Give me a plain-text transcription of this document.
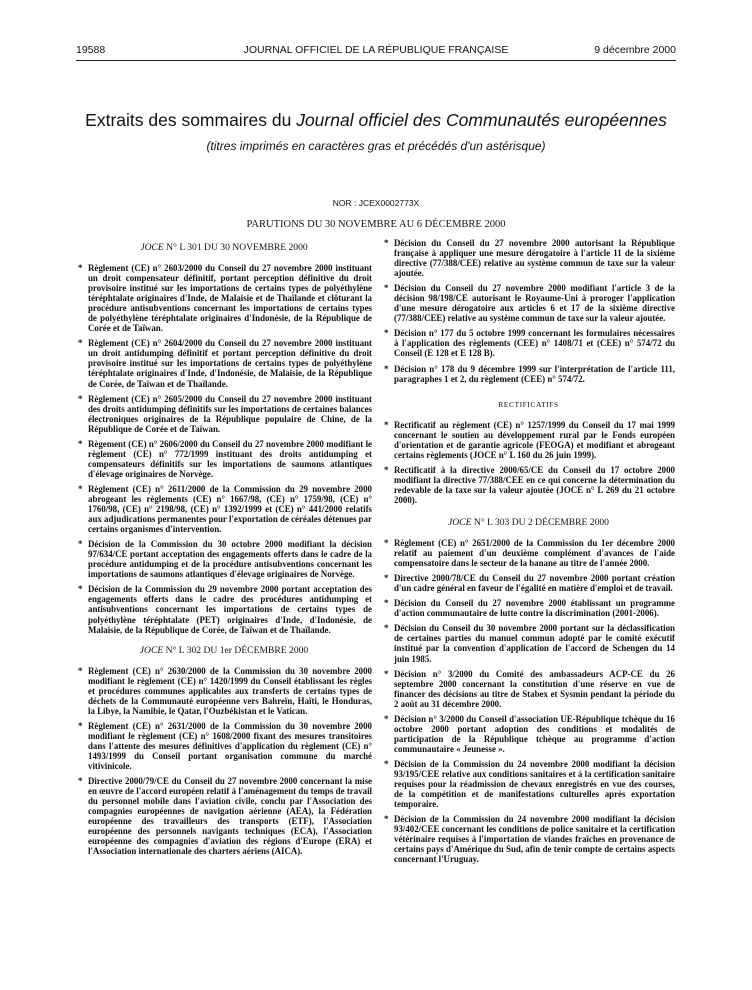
19588	JOURNAL OFFICIEL DE LA RÉPUBLIQUE FRANÇAISE	9 décembre 2000
Extraits des sommaires du Journal officiel des Communautés européennes
(titres imprimés en caractères gras et précédés d'un astérisque)
NOR : JCEX0002773X
PARUTIONS DU 30 NOVEMBRE AU 6 DÉCEMBRE 2000
JOCE N° L 301 DU 30 NOVEMBRE 2000
* Règlement (CE) n° 2603/2000 du Conseil du 27 novembre 2000 instituant un droit compensateur définitif, portant perception définitive du droit provisoire institué sur les importations de certains types de polyéthylène téréphtalate originaires d'Inde, de Malaisie et de Thaïlande et clôturant la procédure antisubventions concernant les importations de certains types de polyéthylène téréphtalate originaires d'Indonésie, de la République de Corée et de Taïwan.
* Règlement (CE) n° 2604/2000 du Conseil du 27 novembre 2000 instituant un droit antidumping définitif et portant perception définitive du droit provisoire institué sur les importations de certains types de polyéthylène téréphtalate originaires d'Inde, d'Indonésie, de Malaisie, de la République de Corée, de Taïwan et de Thaïlande.
* Règlement (CE) n° 2605/2000 du Conseil du 27 novembre 2000 instituant des droits antidumping définitifs sur les importations de certaines balances électroniques originaires de la République populaire de Chine, de la République de Corée et de Taïwan.
* Règement (CE) n° 2606/2000 du Conseil du 27 novembre 2000 modifiant le règlement (CE) n° 772/1999 instituant des droits antidumping et compensateurs définitifs sur les importations de saumons atlantiques d'élevage originaires de Norvège.
* Règlement (CE) n° 2611/2000 de la Commission du 29 novembre 2000 abrogeant les règlements (CE) n° 1667/98, (CE) n° 1759/98, (CE) n° 1760/98, (CE) n° 2198/98, (CE) n° 1392/1999 et (CE) n° 441/2000 relatifs aux adjudications permanentes pour l'exportation de céréales détenues par certains organismes d'intervention.
* Décision de la Commission du 30 octobre 2000 modifiant la décision 97/634/CE portant acceptation des engagements offerts dans le cadre de la procédure antidumping et de la procédure antisubventions concernant les importations de saumons atlantiques d'élevage originaires de Norvège.
* Décision de la Commission du 29 novembre 2000 portant acceptation des engagements offerts dans le cadre des procédures antidumping et antisubventions concernant les importations de certains types de polyéthylène téréphtalate (PET) originaires d'Inde, d'Indonésie, de Malaisie, de la République de Corée, de Taïwan et de Thaïlande.
JOCE N° L 302 DU 1er DÉCEMBRE 2000
* Règlement (CE) n° 2630/2000 de la Commission du 30 novembre 2000 modifiant le règlement (CE) n° 1420/1999 du Conseil établissant les règles et procédures communes applicables aux transferts de certains types de déchets de la Communauté européenne vers Bahreïn, Haïti, le Honduras, la Libye, la Namibie, le Qatar, l'Ouzbékistan et le Vatican.
* Règlement (CE) n° 2631/2000 de la Commission du 30 novembre 2000 modifiant le règlement (CE) n° 1608/2000 fixant des mesures transitoires dans l'attente des mesures définitives d'application du règlement (CE) n° 1493/1999 du Conseil portant organisation commune du marché vitivinicole.
* Directive 2000/79/CE du Conseil du 27 novembre 2000 concernant la mise en œuvre de l'accord européen relatif à l'aménagement du temps de travail du personnel mobile dans l'aviation civile, conclu par l'Association des compagnies européennes de navigation aérienne (AEA), la Fédération européenne des travailleurs des transports (ETF), l'Association européenne des personnels navigants techniques (ECA), l'Association européenne des compagnies d'aviation des régions d'Europe (ERA) et l'Association internationale des charters aériens (AICA).
* Décision du Conseil du 27 novembre 2000 autorisant la République française à appliquer une mesure dérogatoire à l'article 11 de la sixième directive (77/388/CEE) relative au système commun de taxe sur la valeur ajoutée.
* Décision du Conseil du 27 novembre 2000 modifiant l'article 3 de la décision 98/198/CE autorisant le Royaume-Uni à proroger l'application d'une mesure dérogatoire aux articles 6 et 17 de la sixième directive (77/388/CEE) relative au système commun de taxe sur la valeur ajoutée.
* Décision n° 177 du 5 octobre 1999 concernant les formulaires nécessaires à l'application des règlements (CEE) n° 1408/71 et (CEE) n° 574/72 du Conseil (E 128 et E 128 B).
* Décision n° 178 du 9 décembre 1999 sur l'interprétation de l'article 111, paragraphes 1 et 2, du règlement (CEE) n° 574/72.
RECTIFICATIFS
* Rectificatif au règlement (CE) n° 1257/1999 du Conseil du 17 mai 1999 concernant le soutien au développement rural par le Fonds européen d'orientation et de garantie agricole (FEOGA) et modifiant et abrogeant certains règlements (JOCE n° L 160 du 26 juin 1999).
* Rectificatif à la directive 2000/65/CE du Conseil du 17 octobre 2000 modifiant la directive 77/388/CEE en ce qui concerne la détermination du redevable de la taxe sur la valeur ajoutée (JOCE n° L 269 du 21 octobre 2000).
JOCE N° L 303 DU 2 DÉCEMBRE 2000
* Règlement (CE) n° 2651/2000 de la Commission du 1er décembre 2000 relatif au paiement d'un deuxième complément d'avances de l'aide compensatoire dans le secteur de la banane au titre de l'année 2000.
* Directive 2000/78/CE du Conseil du 27 novembre 2000 portant création d'un cadre général en faveur de l'égalité en matière d'emploi et de travail.
* Décision du Conseil du 27 novembre 2000 établissant un programme d'action communautaire de lutte contre la discrimination (2001-2006).
* Décision du Conseil du 30 novembre 2000 portant sur la déclassification de certaines parties du manuel commun adopté par le comité exécutif institué par la convention d'application de l'accord de Schengen du 14 juin 1985.
* Décision n° 3/2000 du Comité des ambassadeurs ACP-CE du 26 septembre 2000 concernant la constitution d'une réserve en vue de financer des décisions au titre de Stabex et Sysmin pendant la période du 2 août au 31 décembre 2000.
* Décision n° 3/2000 du Conseil d'association UE-République tchèque du 16 octobre 2000 portant adoption des conditions et modalités de participation de la République tchèque au programme d'action communautaire « Jeunesse ».
* Décision de la Commission du 24 novembre 2000 modifiant la décision 93/195/CEE relative aux conditions sanitaires et à la certification sanitaire requises pour la réadmission de chevaux enregistrés en vue des courses, de la compétition et de manifestations culturelles après exportation temporaire.
* Décision de la Commission du 24 novembre 2000 modifiant la décision 93/402/CEE concernant les conditions de police sanitaire et la certification vétérinaire requises à l'importation de viandes fraîches en provenance de certains pays d'Amérique du Sud, afin de tenir compte de certains aspects concernant l'Uruguay.
